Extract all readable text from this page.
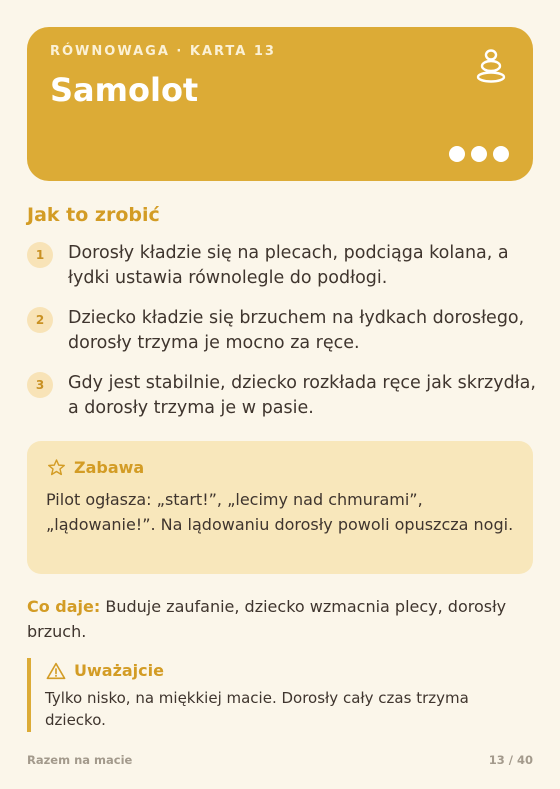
RÓWNOWAGA · KARTA 13
Samolot
Jak to zrobić
1	Dorosły kładzie się na plecach, podciąga kolana, a łydki ustawia równolegle do podłogi.
2	Dziecko kładzie się brzuchem na łydkach dorosłego, dorosły trzyma je mocno za ręce.
3	Gdy jest stabilnie, dziecko rozkłada ręce jak skrzydła, a dorosły trzyma je w pasie.
Zabawa
Pilot ogłasza: „start!”, „lecimy nad chmurami”, „lądowanie!”. Na lądowaniu dorosły powoli opuszcza nogi.
Co daje: Buduje zaufanie, dziecko wzmacnia plecy, dorosły brzuch.
Uważajcie
Tylko nisko, na miękkiej macie. Dorosły cały czas trzyma dziecko.
Razem na macie	13 / 40
